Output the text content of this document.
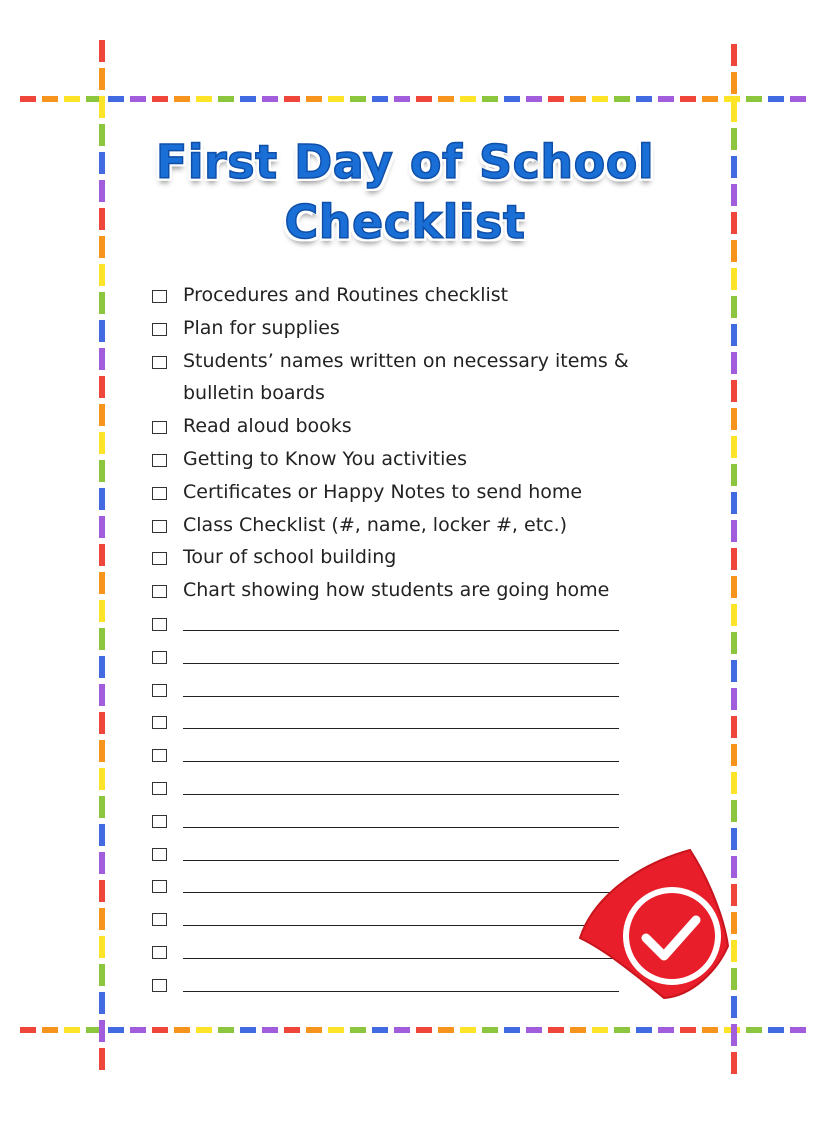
First Day of School
Checklist
Procedures and Routines checklist
Plan for supplies
Students’ names written on necessary items &
bulletin boards
Read aloud books
Getting to Know You activities
Certificates or Happy Notes to send home
Class Checklist (#, name, locker #, etc.)
Tour of school building
Chart showing how students are going home
